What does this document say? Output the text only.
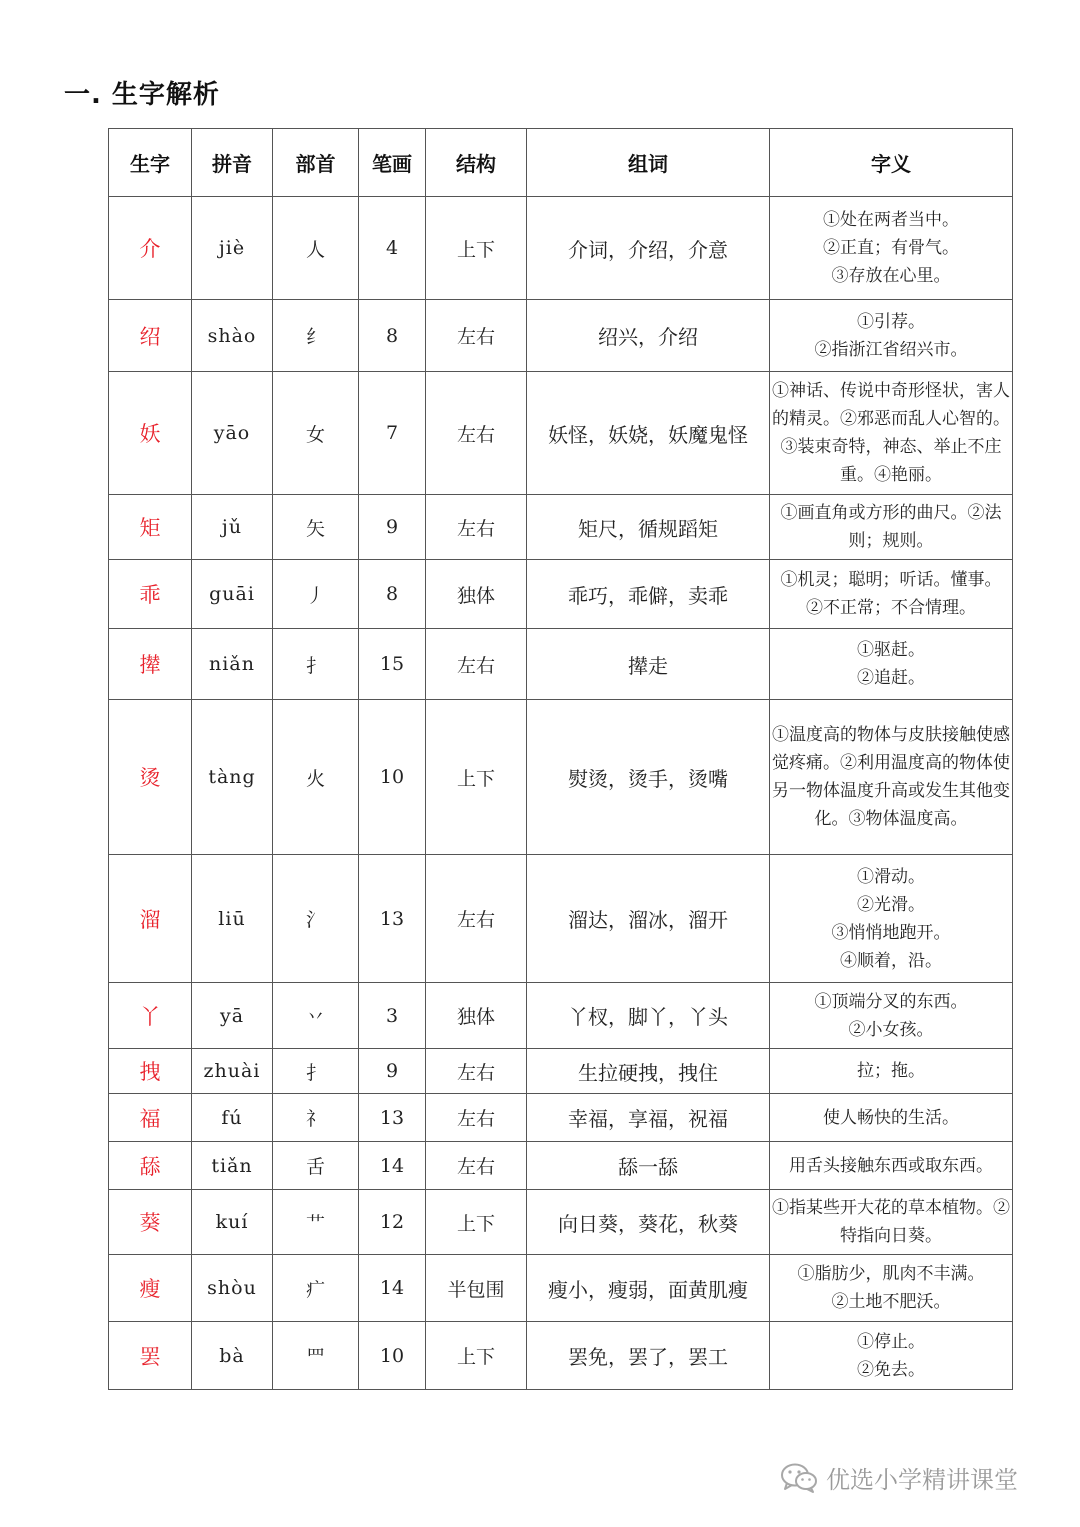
一. 生字解析
生字	拼音	部首	笔画	结构	组词	字义
介	jiè	人	4	上下	介词，介绍，介意	①处在两者当中。
②正直；有骨气。
③存放在心里。
绍	shào	纟	8	左右	绍兴，介绍	①引荐。
②指浙江省绍兴市。
妖	yāo	女	7	左右	妖怪，妖娆，妖魔鬼怪	①神话、传说中奇形怪状，害人的精灵。②邪恶而乱人心智的。③装束奇特，神态、举止不庄重。④艳丽。
矩	jǔ	矢	9	左右	矩尺，循规蹈矩	①画直角或方形的曲尺。②法则；规则。
乖	guāi	丿	8	独体	乖巧，乖僻，卖乖	①机灵；聪明；听话。懂事。
②不正常；不合情理。
撵	niǎn	扌	15	左右	撵走	①驱赶。
②追赶。
烫	tàng	火	10	上下	熨烫，烫手，烫嘴	①温度高的物体与皮肤接触使感觉疼痛。②利用温度高的物体使另一物体温度升高或发生其他变化。③物体温度高。
溜	liū	氵	13	左右	溜达，溜冰，溜开	①滑动。
②光滑。
③悄悄地跑开。
④顺着，沿。
丫	yā	丷	3	独体	丫杈，脚丫，丫头	①顶端分叉的东西。
②小女孩。
拽	zhuài	扌	9	左右	生拉硬拽，拽住	拉；拖。
福	fú	礻	13	左右	幸福，享福，祝福	使人畅快的生活。
舔	tiǎn	舌	14	左右	舔一舔	用舌头接触东西或取东西。
葵	kuí	艹	12	上下	向日葵，葵花，秋葵	①指某些开大花的草本植物。②特指向日葵。
瘦	shòu	疒	14	半包围	瘦小，瘦弱，面黄肌瘦	①脂肪少，肌肉不丰满。
②土地不肥沃。
罢	bà	罒	10	上下	罢免，罢了，罢工	①停止。
②免去。
优选小学精讲课堂
